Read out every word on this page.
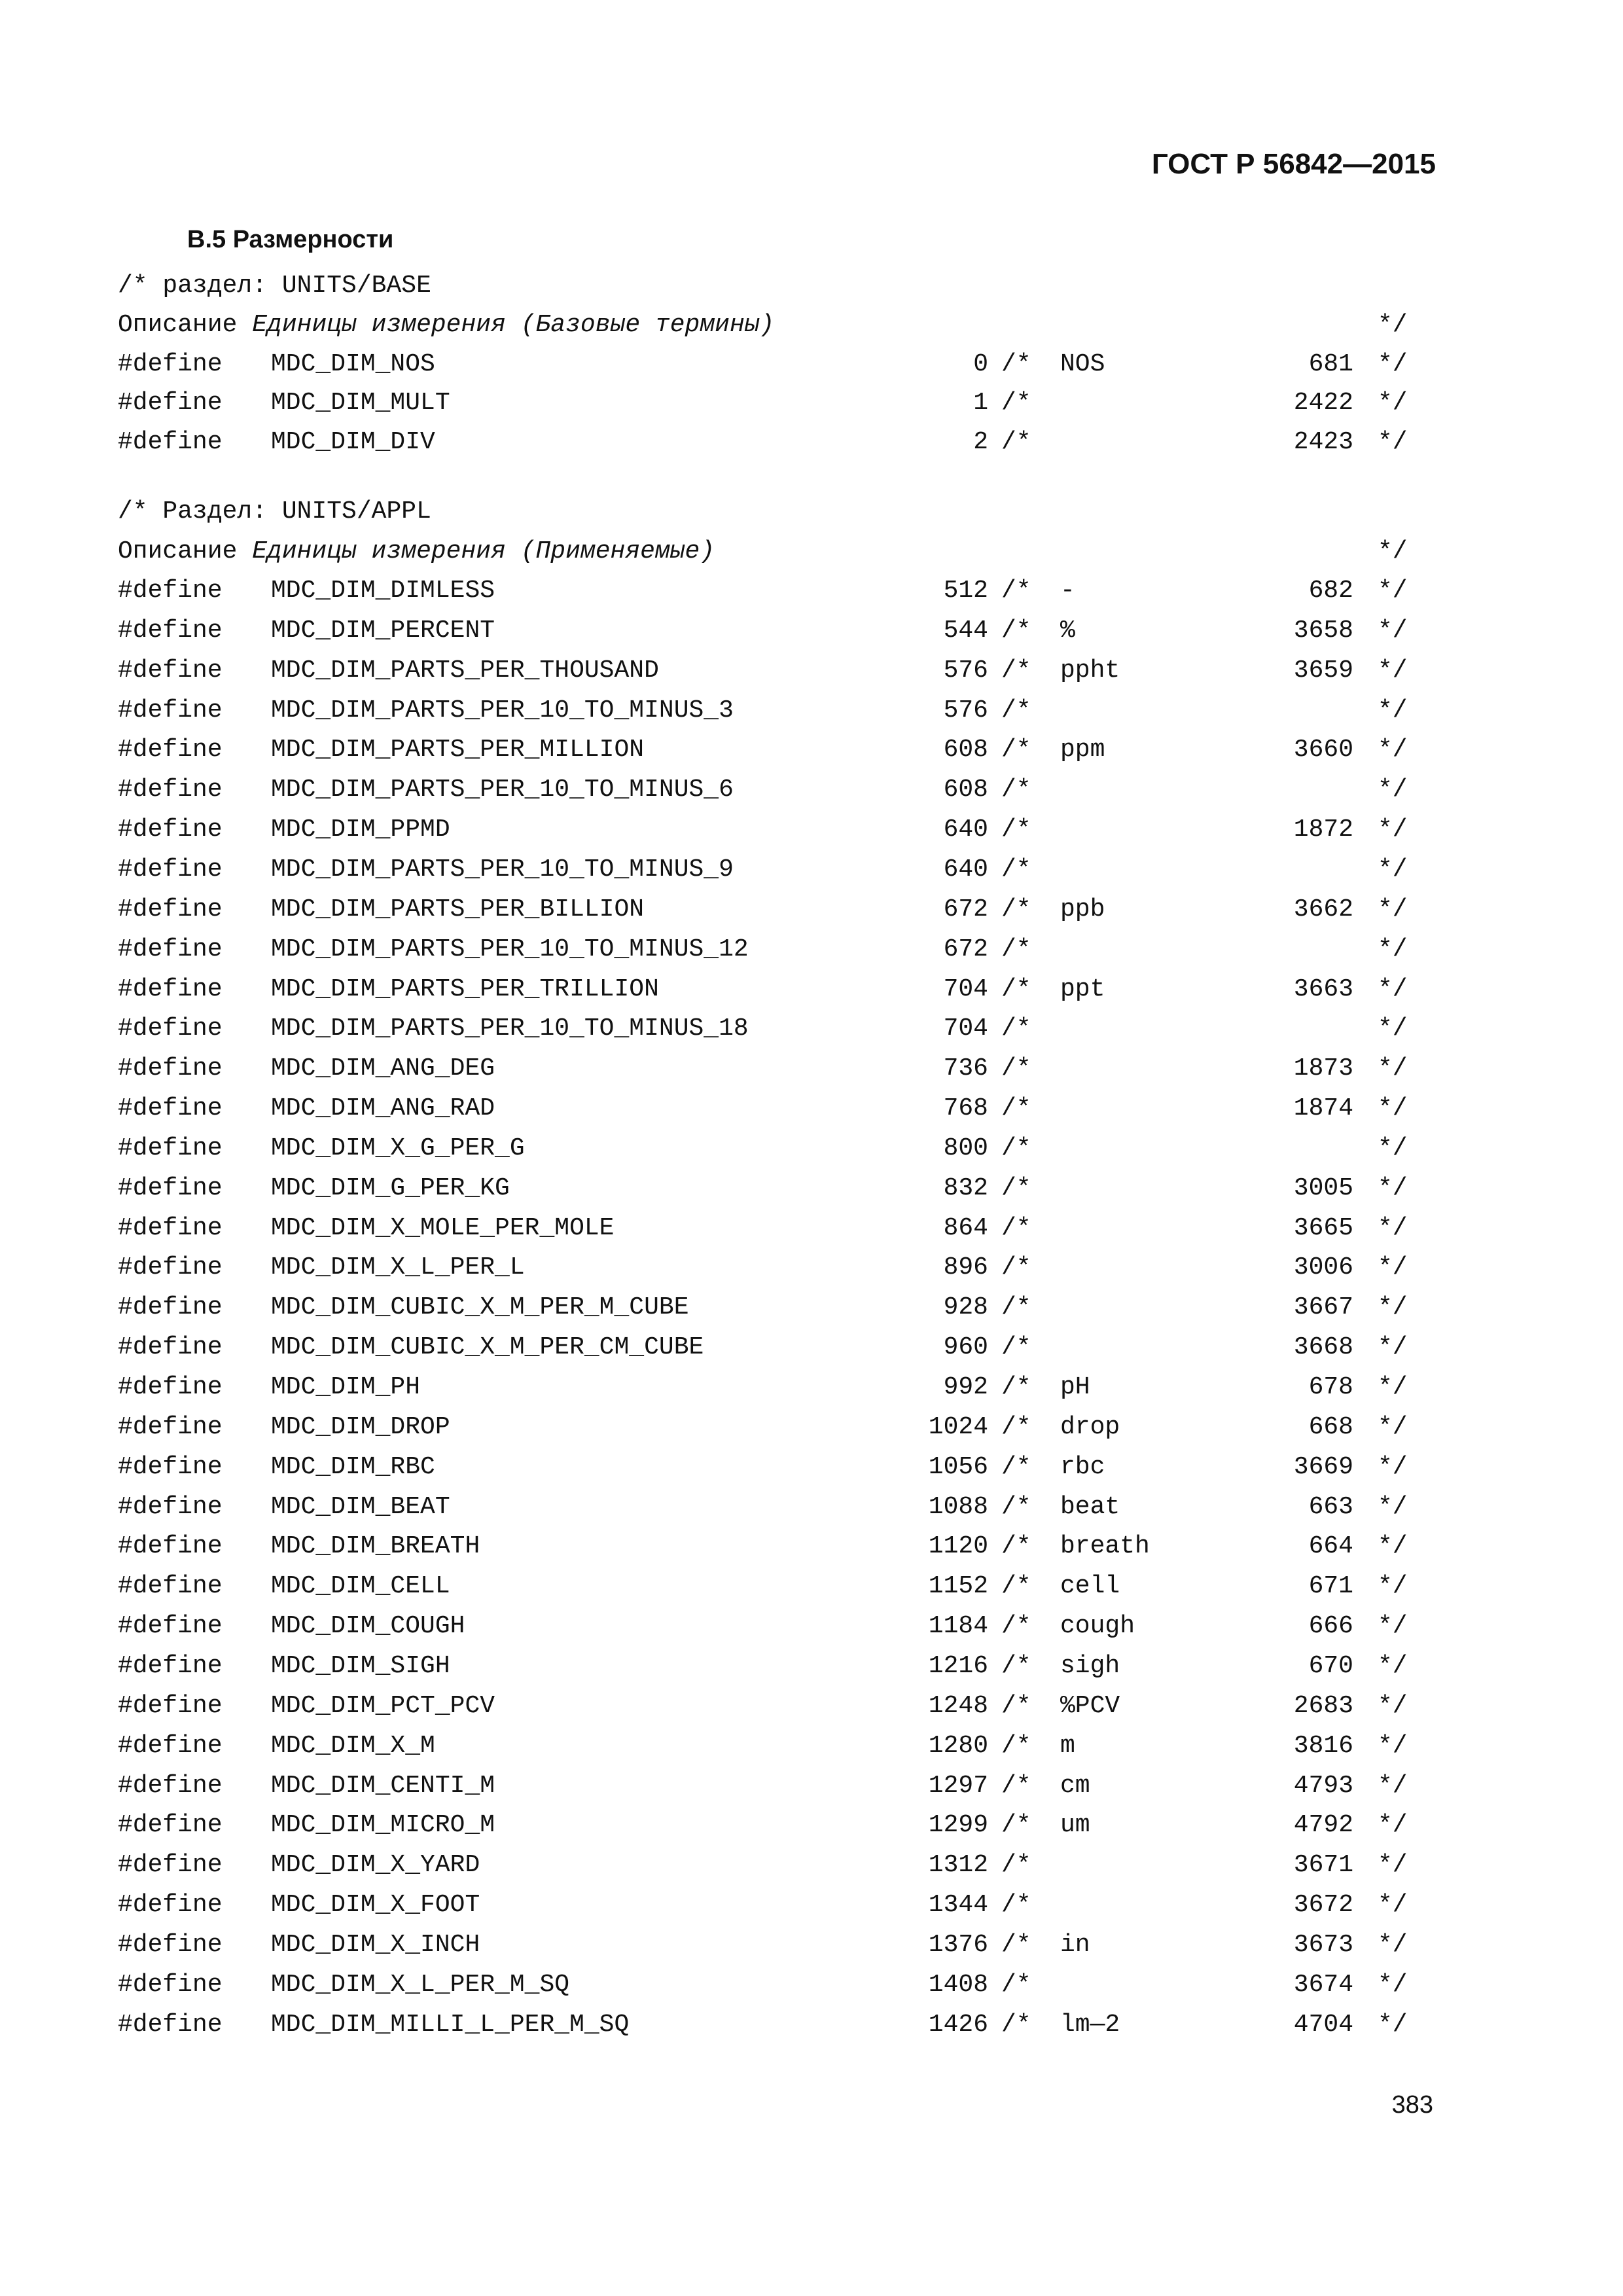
ГОСТ Р 56842—2015
В.5 Размерности

/* раздел: UNITS/BASE

Описание Единицы измерения (Базовые термины)

	*/

#define MDC_DIM_NOS	0 /* NOS	681 */
#define MDC_DIM_MULT	1 /*	2422 */
#define MDC_DIM_DIV	2 /*	2423 */

/* Раздел: UNITS/APPL

Описание Единицы измерения (Применяемые)

	*/

#define MDC_DIM_DIMLESS	512 /* -	682 */
#define MDC_DIM_PERCENT	544 /* %	3658 */
#define MDC_DIM_PARTS_PER_THOUSAND	576 /* ppht	3659 */
#define MDC_DIM_PARTS_PER_10_TO_MINUS_3	576 /*	*/
#define MDC_DIM_PARTS_PER_MILLION	608 /* ppm	3660 */
#define MDC_DIM_PARTS_PER_10_TO_MINUS_6	608 /*	*/
#define MDC_DIM_PPMD	640 /*	1872 */
#define MDC_DIM_PARTS_PER_10_TO_MINUS_9	640 /*	*/
#define MDC_DIM_PARTS_PER_BILLION	672 /* ppb	3662 */
#define MDC_DIM_PARTS_PER_10_TO_MINUS_12	672 /*	*/
#define MDC_DIM_PARTS_PER_TRILLION	704 /* ppt	3663 */
#define MDC_DIM_PARTS_PER_10_TO_MINUS_18	704 /*	*/
#define MDC_DIM_ANG_DEG	736 /*	1873 */
#define MDC_DIM_ANG_RAD	768 /*	1874 */
#define MDC_DIM_X_G_PER_G	800 /*	*/
#define MDC_DIM_G_PER_KG	832 /*	3005 */
#define MDC_DIM_X_MOLE_PER_MOLE	864 /*	3665 */
#define MDC_DIM_X_L_PER_L	896 /*	3006 */
#define MDC_DIM_CUBIC_X_M_PER_M_CUBE	928 /*	3667 */
#define MDC_DIM_CUBIC_X_M_PER_CM_CUBE	960 /*	3668 */
#define MDC_DIM_PH	992 /* pH	678 */
#define MDC_DIM_DROP	1024 /* drop	668 */
#define MDC_DIM_RBC	1056 /* rbc	3669 */
#define MDC_DIM_BEAT	1088 /* beat	663 */
#define MDC_DIM_BREATH	1120 /* breath	664 */
#define MDC_DIM_CELL	1152 /* cell	671 */
#define MDC_DIM_COUGH	1184 /* cough	666 */
#define MDC_DIM_SIGH	1216 /* sigh	670 */
#define MDC_DIM_PCT_PCV	1248 /* %PCV	2683 */
#define MDC_DIM_X_M	1280 /* m	3816 */
#define MDC_DIM_CENTI_M	1297 /* cm	4793 */
#define MDC_DIM_MICRO_M	1299 /* um	4792 */
#define MDC_DIM_X_YARD	1312 /*	3671 */
#define MDC_DIM_X_FOOT	1344 /*	3672 */
#define MDC_DIM_X_INCH	1376 /* in	3673 */
#define MDC_DIM_X_L_PER_M_SQ	1408 /*	3674 */
#define MDC_DIM_MILLI_L_PER_M_SQ	1426 /* lm—2	4704 */
383
